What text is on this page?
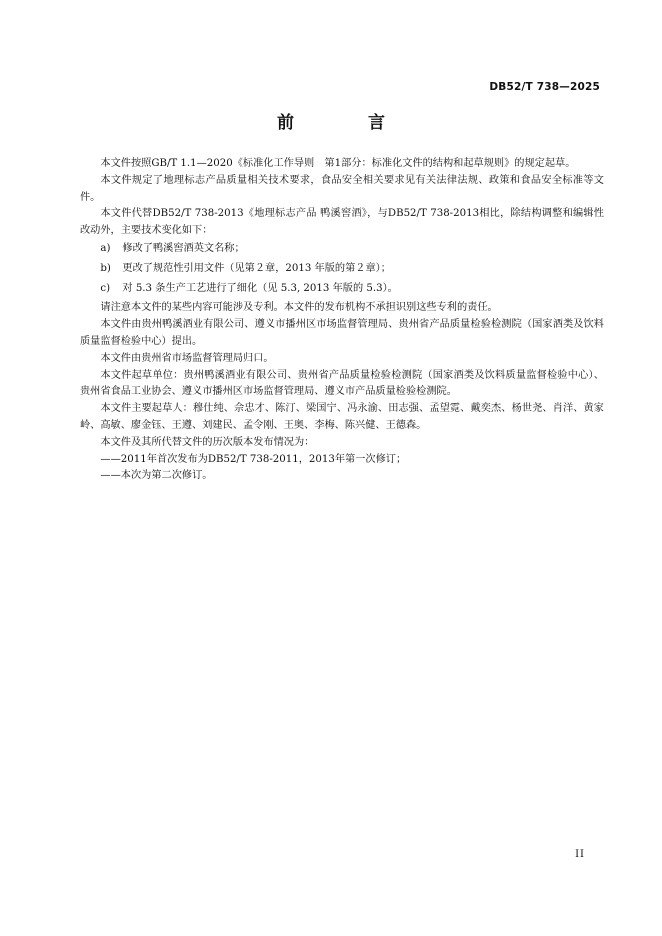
DB52/T 738—2025
前 言

本文件按照GB/T 1.1—2020《标准化工作导则　第1部分：标准化文件的结构和起草规则》的规定起草。

本文件规定了地理标志产品质量相关技术要求，食品安全相关要求见有关法律法规、政策和食品安全标准等文件。

本文件代替DB52/T 738-2013《地理标志产品 鸭溪窖酒》，与DB52/T 738-2013相比，除结构调整和编辑性改动外，主要技术变化如下：

a) 修改了鸭溪窖酒英文名称；

b) 更改了规范性引用文件（见第２章，2013 年版的第２章）；

c) 对 5.3 条生产工艺进行了细化（见 5.3, 2013 年版的 5.3）。

请注意本文件的某些内容可能涉及专利。本文件的发布机构不承担识别这些专利的责任。

本文件由贵州鸭溪酒业有限公司、遵义市播州区市场监督管理局、贵州省产品质量检验检测院（国家酒类及饮料质量监督检验中心）提出。

本文件由贵州省市场监督管理局归口。

本文件起草单位：贵州鸭溪酒业有限公司、贵州省产品质量检验检测院（国家酒类及饮料质量监督检验中心）、贵州省食品工业协会、遵义市播州区市场监督管理局、遵义市产品质量检验检测院。

本文件主要起草人：穆仕纯、佘忠才、陈汀、梁国宁、冯永渝、田志强、孟望霓、戴奕杰、杨世尧、肖洋、黄家岭、高敏、廖金钰、王遵、刘建民、孟令刚、王奥、李梅、陈兴健、王德森。

本文件及其所代替文件的历次版本发布情况为：

——2011年首次发布为DB52/T 738-2011，2013年第一次修订；

——本次为第二次修订。

II
